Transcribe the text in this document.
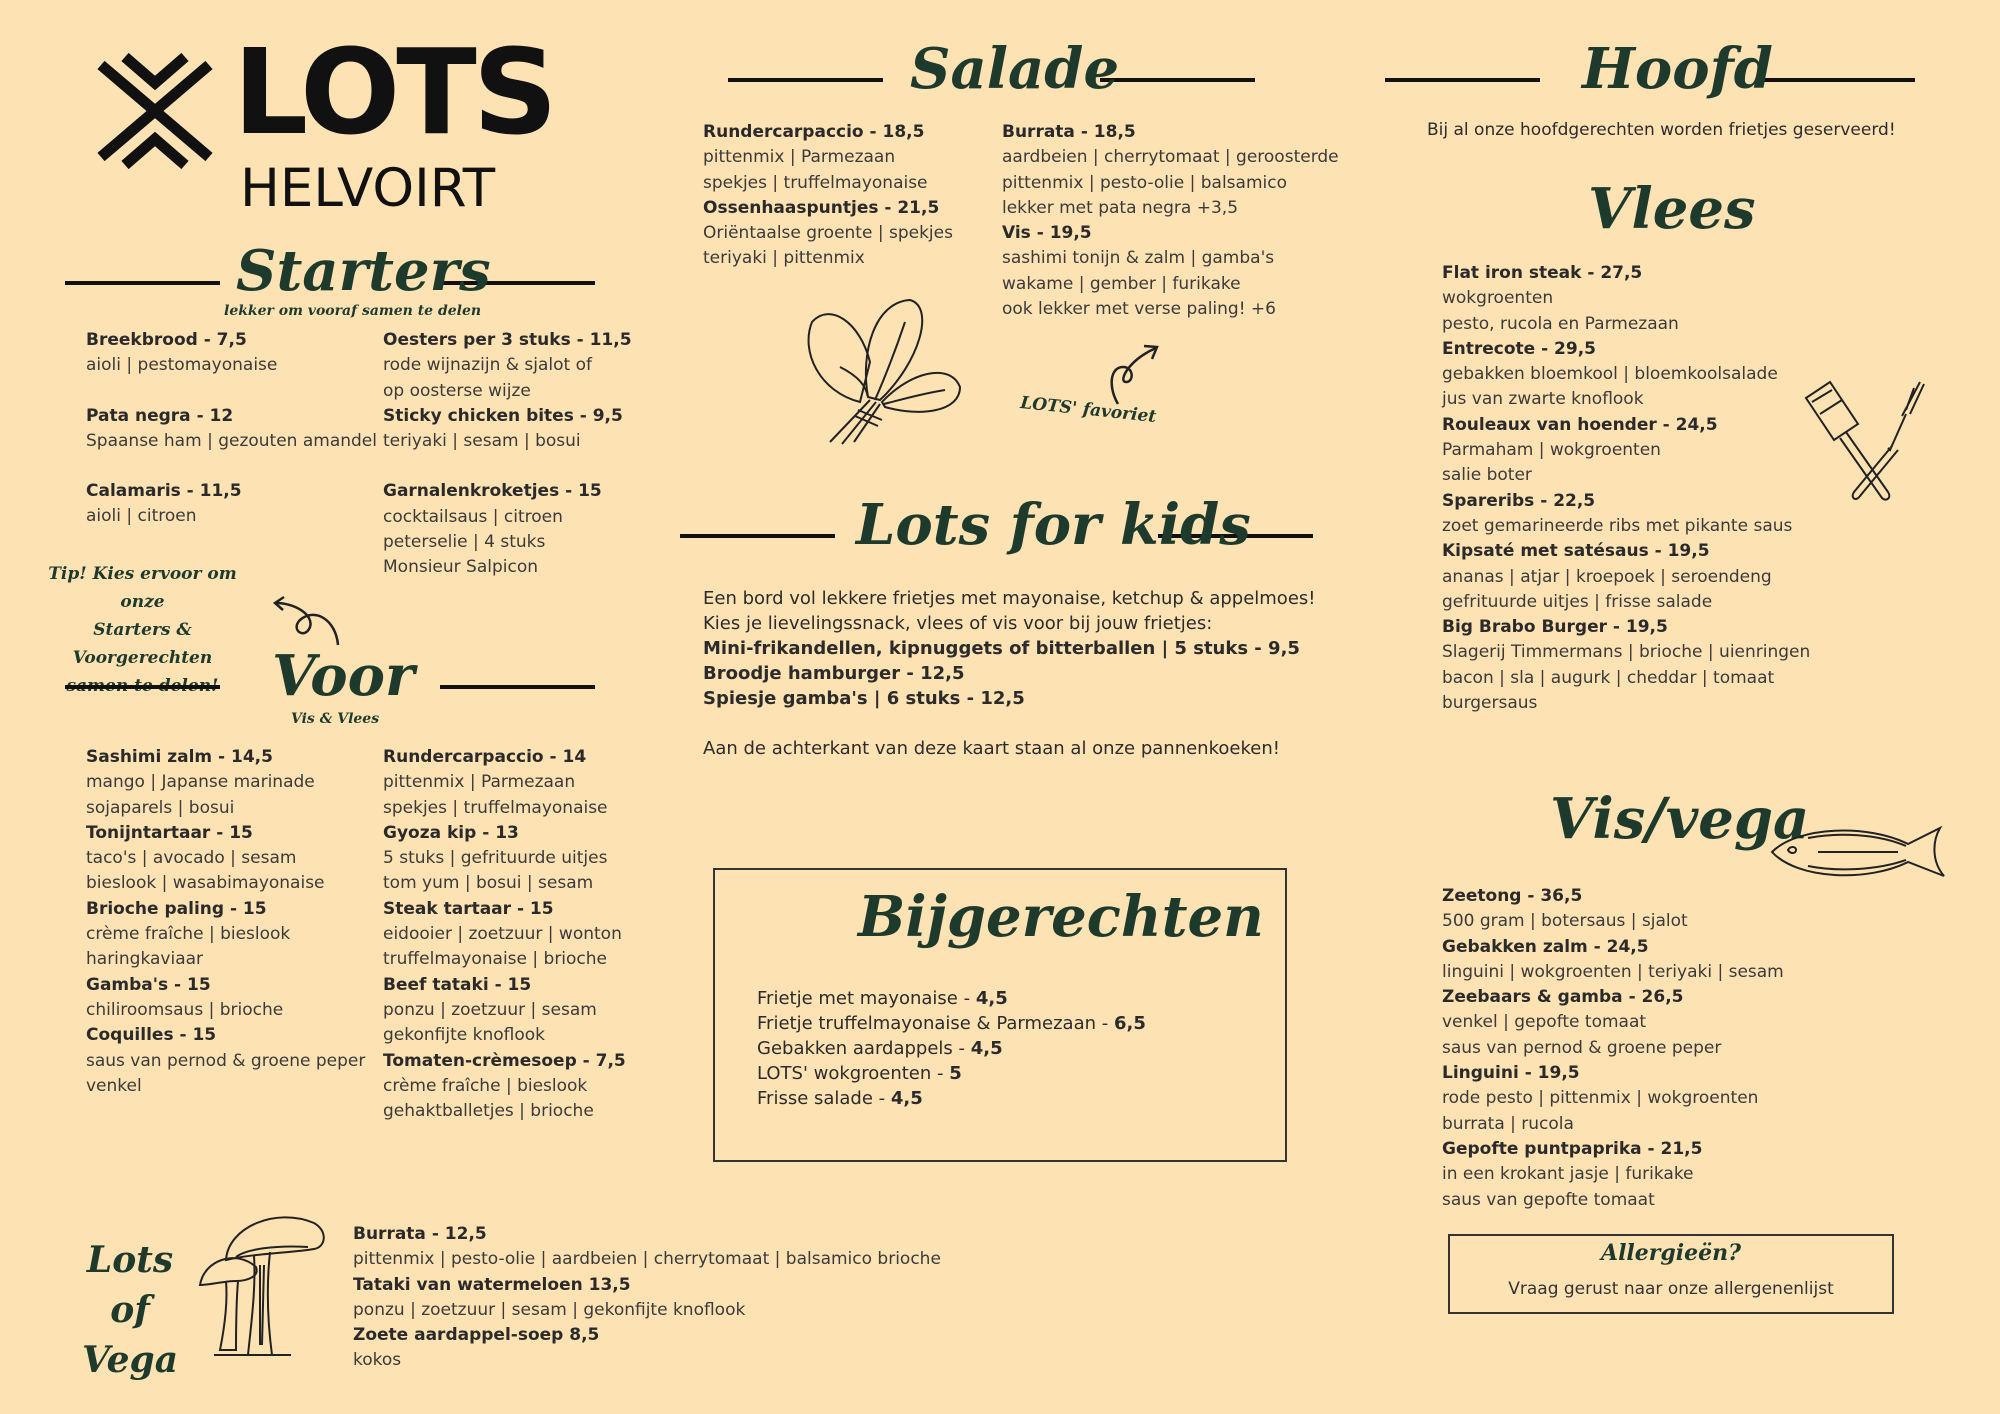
LOTS
HELVOIRT
Starters
lekker om vooraf samen te delen
Breekbrood - 7,5
aioli | pestomayonaise
Pata negra - 12
Spaanse ham | gezouten amandel
Calamaris - 11,5
aioli | citroen
Oesters per 3 stuks - 11,5
rode wijnazijn & sjalot of
op oosterse wijze
Sticky chicken bites - 9,5
teriyaki | sesam | bosui
Garnalenkroketjes - 15
cocktailsaus | citroen
peterselie | 4 stuks
Monsieur Salpicon
Tip! Kies ervoor om onze
Starters & Voorgerechten	Voor
Vis & Vlees
Sashimi zalm - 14,5
mango | Japanse marinade
sojaparels | bosui
Tonijntartaar - 15
taco's | avocado | sesam
bieslook | wasabimayonaise
Brioche paling - 15
crème fraîche | bieslook
haringkaviaar
Gamba's - 15
chiliroomsaus | brioche
Coquilles - 15
saus van pernod & groene peper
venkel
Rundercarpaccio - 14
pittenmix | Parmezaan
spekjes | truffelmayonaise
Gyoza kip - 13
5 stuks | gefrituurde uitjes
tom yum | bosui | sesam
Steak tartaar - 15
eidooier | zoetzuur | wonton
truffelmayonaise | brioche
Beef tataki - 15
ponzu | zoetzuur | sesam
gekonfijte knoflook
Tomaten-crèmesoep - 7,5
crème fraîche | bieslook
gehaktballetjes | brioche
Lots
of Vega
Burrata - 12,5
pittenmix | pesto-olie | aardbeien | cherrytomaat | balsamico brioche
Tataki van watermeloen 13,5
ponzu | zoetzuur | sesam | gekonfijte knoflook
Zoete aardappel-soep 8,5
kokos
Salade
Rundercarpaccio - 18,5
pittenmix | Parmezaan
spekjes | truffelmayonaise
Ossenhaaspuntjes - 21,5
Oriëntaalse groente | spekjes
teriyaki | pittenmix
Burrata - 18,5
aardbeien | cherrytomaat | geroosterde
pittenmix | pesto-olie | balsamico
lekker met pata negra +3,5
Vis - 19,5
sashimi tonijn & zalm | gamba's
wakame | gember | furikake
ook lekker met verse paling! +6
LOTS' favoriet
Lots for kids
Een bord vol lekkere frietjes met mayonaise, ketchup & appelmoes!
Kies je lievelingssnack, vlees of vis voor bij jouw frietjes:
Mini-frikandellen, kipnuggets of bitterballen | 5 stuks - 9,5
Broodje hamburger - 12,5
Spiesje gamba's | 6 stuks - 12,5
Aan de achterkant van deze kaart staan al onze pannenkoeken!
Bijgerechten
Frietje met mayonaise - 4,5
Frietje truffelmayonaise & Parmezaan - 6,5
Gebakken aardappels - 4,5
LOTS' wokgroenten - 5
Frisse salade - 4,5
Hoofd
Bij al onze hoofdgerechten worden frietjes geserveerd!
Vlees
Flat iron steak - 27,5
wokgroenten
pesto, rucola en Parmezaan
Entrecote - 29,5
gebakken bloemkool | bloemkoolsalade
jus van zwarte knoflook
Rouleaux van hoender - 24,5
Parmaham | wokgroenten
salie boter
Spareribs - 22,5
zoet gemarineerde ribs met pikante saus
Kipsaté met satésaus - 19,5
ananas | atjar | kroepoek | seroendeng
gefrituurde uitjes | frisse salade
Big Brabo Burger - 19,5
Slagerij Timmermans | brioche | uienringen
bacon | sla | augurk | cheddar | tomaat
burgersaus
Vis/vega
Zeetong - 36,5
500 gram | botersaus | sjalot
Gebakken zalm - 24,5
linguini | wokgroenten | teriyaki | sesam
Zeebaars & gamba - 26,5
venkel | gepofte tomaat
saus van pernod & groene peper
Linguini - 19,5
rode pesto | pittenmix | wokgroenten
burrata | rucola
Gepofte puntpaprika - 21,5
in een krokant jasje | furikake
saus van gepofte tomaat
Allergieën?
Vraag gerust naar onze allergenenlijst
